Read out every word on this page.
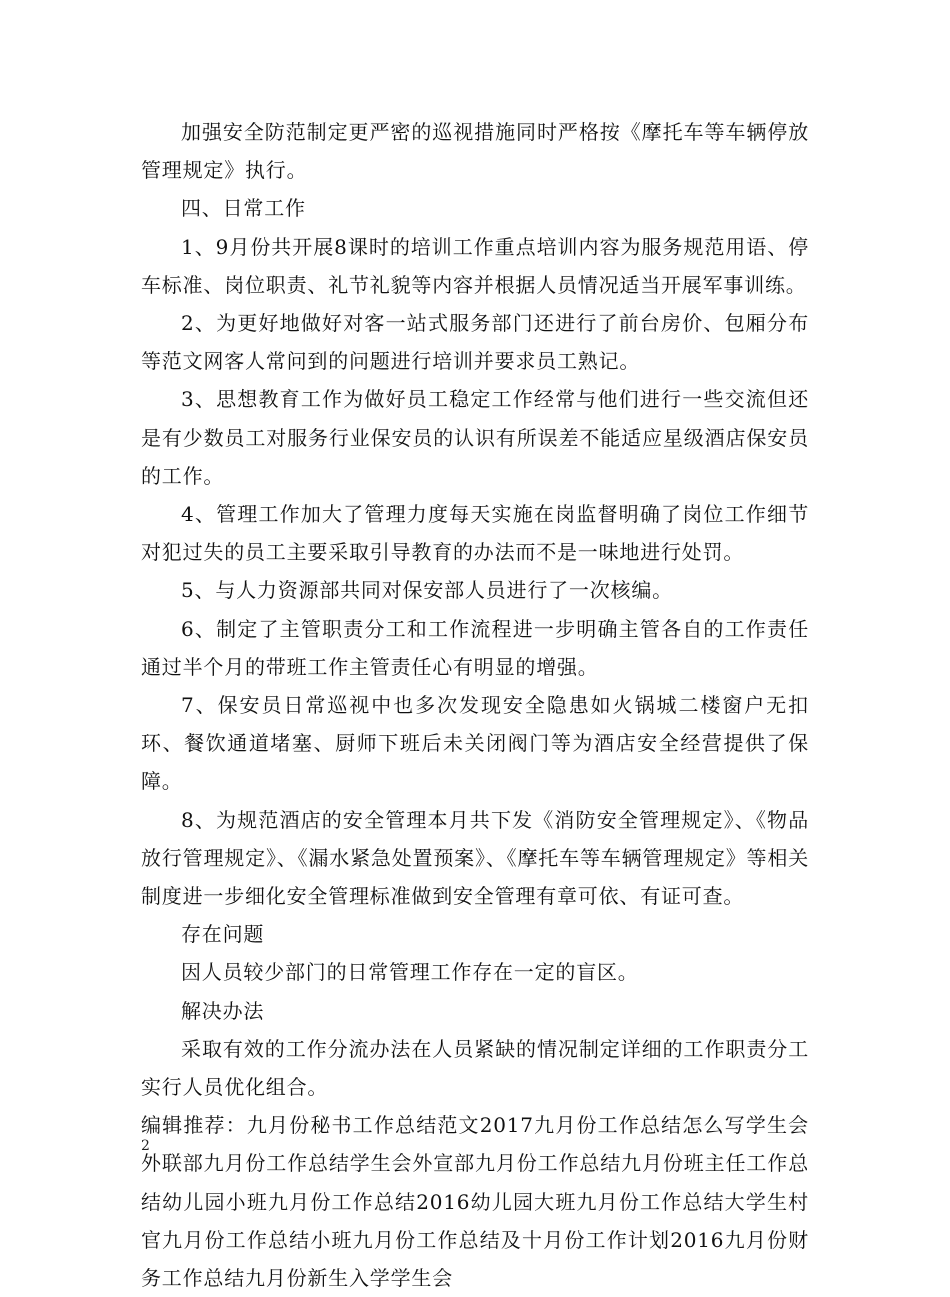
加强安全防范制定更严密的巡视措施同时严格按《摩托车等车辆停放管理规定》执行。

四、日常工作

1、9月份共开展8课时的培训工作重点培训内容为服务规范用语、停车标准、岗位职责、礼节礼貌等内容并根据人员情况适当开展军事训练。

2、为更好地做好对客一站式服务部门还进行了前台房价、包厢分布等范文网客人常问到的问题进行培训并要求员工熟记。

3、思想教育工作为做好员工稳定工作经常与他们进行一些交流但还是有少数员工对服务行业保安员的认识有所误差不能适应星级酒店保安员的工作。

4、管理工作加大了管理力度每天实施在岗监督明确了岗位工作细节对犯过失的员工主要采取引导教育的办法而不是一味地进行处罚。

5、与人力资源部共同对保安部人员进行了一次核编。

6、制定了主管职责分工和工作流程进一步明确主管各自的工作责任通过半个月的带班工作主管责任心有明显的增强。

7、保安员日常巡视中也多次发现安全隐患如火锅城二楼窗户无扣环、餐饮通道堵塞、厨师下班后未关闭阀门等为酒店安全经营提供了保障。

8、为规范酒店的安全管理本月共下发《消防安全管理规定》、《物品放行管理规定》、《漏水紧急处置预案》、《摩托车等车辆管理规定》等相关制度进一步细化安全管理标准做到安全管理有章可依、有证可查。

存在问题

因人员较少部门的日常管理工作存在一定的盲区。

解决办法

采取有效的工作分流办法在人员紧缺的情况制定详细的工作职责分工实行人员优化组合。

编辑推荐：九月份秘书工作总结范文2017九月份工作总结怎么写学生会外联部九月份工作总结学生会外宣部九月份工作总结九月份班主任工作总结幼儿园小班九月份工作总结2016幼儿园大班九月份工作总结大学生村官九月份工作总结小班九月份工作总结及十月份工作计划2016九月份财务工作总结九月份新生入学学生会

2
